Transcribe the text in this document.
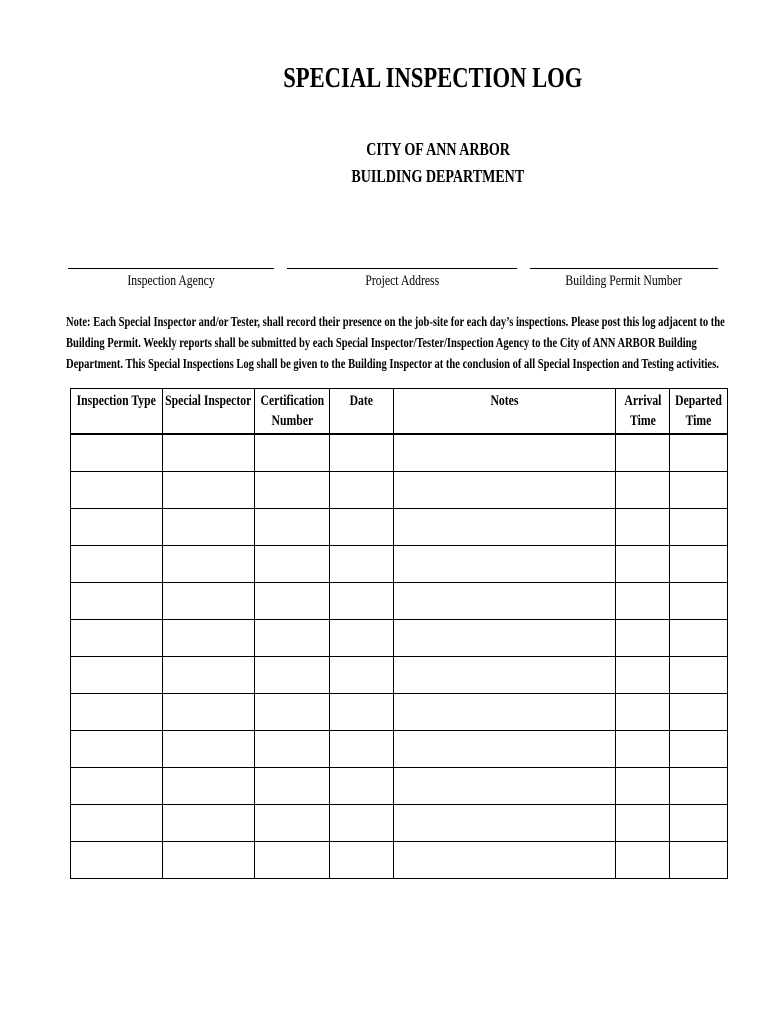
SPECIAL INSPECTION LOG
CITY OF ANN ARBOR
BUILDING DEPARTMENT
Inspection Agency	Project Address	Building Permit Number
Note: Each Special Inspector and/or Tester, shall record their presence on the job-site for each day’s inspections. Please post this log adjacent to the Building Permit. Weekly reports shall be submitted by each Special Inspector/Tester/Inspection Agency to the City of ANN ARBOR Building Department. This Special Inspections Log shall be given to the Building Inspector at the conclusion of all Special Inspection and Testing activities.
Inspection Type	Special Inspector	Certification Number	Date	Notes	Arrival Time	Departed Time
